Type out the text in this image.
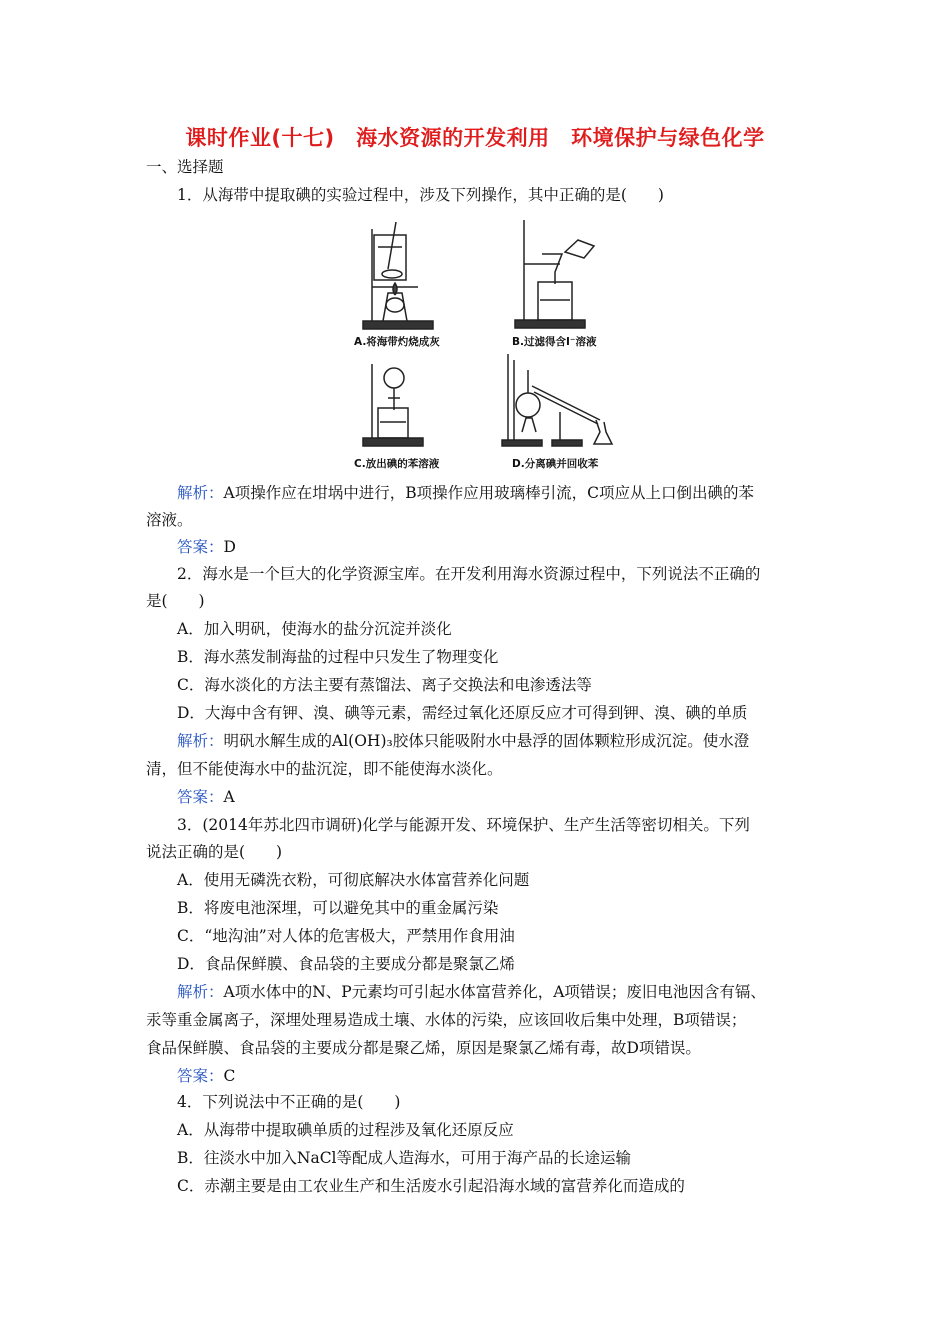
课时作业(十七)　海水资源的开发利用　环境保护与绿色化学
一、选择题
1．从海带中提取碘的实验过程中，涉及下列操作，其中正确的是(　　)
A.将海带灼烧成灰	B.过滤得含I⁻溶液
C.放出碘的苯溶液	D.分离碘并回收苯
解析：A项操作应在坩埚中进行，B项操作应用玻璃棒引流，C项应从上口倒出碘的苯
溶液。
答案：D
2．海水是一个巨大的化学资源宝库。在开发利用海水资源过程中，下列说法不正确的
是(　　)
A．加入明矾，使海水的盐分沉淀并淡化
B．海水蒸发制海盐的过程中只发生了物理变化
C．海水淡化的方法主要有蒸馏法、离子交换法和电渗透法等
D．大海中含有钾、溴、碘等元素，需经过氧化还原反应才可得到钾、溴、碘的单质
解析：明矾水解生成的Al(OH)₃胶体只能吸附水中悬浮的固体颗粒形成沉淀。使水澄
清，但不能使海水中的盐沉淀，即不能使海水淡化。
答案：A
3．(2014年苏北四市调研)化学与能源开发、环境保护、生产生活等密切相关。下列
说法正确的是(　　)
A．使用无磷洗衣粉，可彻底解决水体富营养化问题
B．将废电池深埋，可以避免其中的重金属污染
C．“地沟油”对人体的危害极大，严禁用作食用油
D．食品保鲜膜、食品袋的主要成分都是聚氯乙烯
解析：A项水体中的N、P元素均可引起水体富营养化，A项错误；废旧电池因含有镉、
汞等重金属离子，深埋处理易造成土壤、水体的污染，应该回收后集中处理，B项错误；
食品保鲜膜、食品袋的主要成分都是聚乙烯，原因是聚氯乙烯有毒，故D项错误。
答案：C
4．下列说法中不正确的是(　　)
A．从海带中提取碘单质的过程涉及氧化还原反应
B．往淡水中加入NaCl等配成人造海水，可用于海产品的长途运输
C．赤潮主要是由工农业生产和生活废水引起沿海水域的富营养化而造成的
